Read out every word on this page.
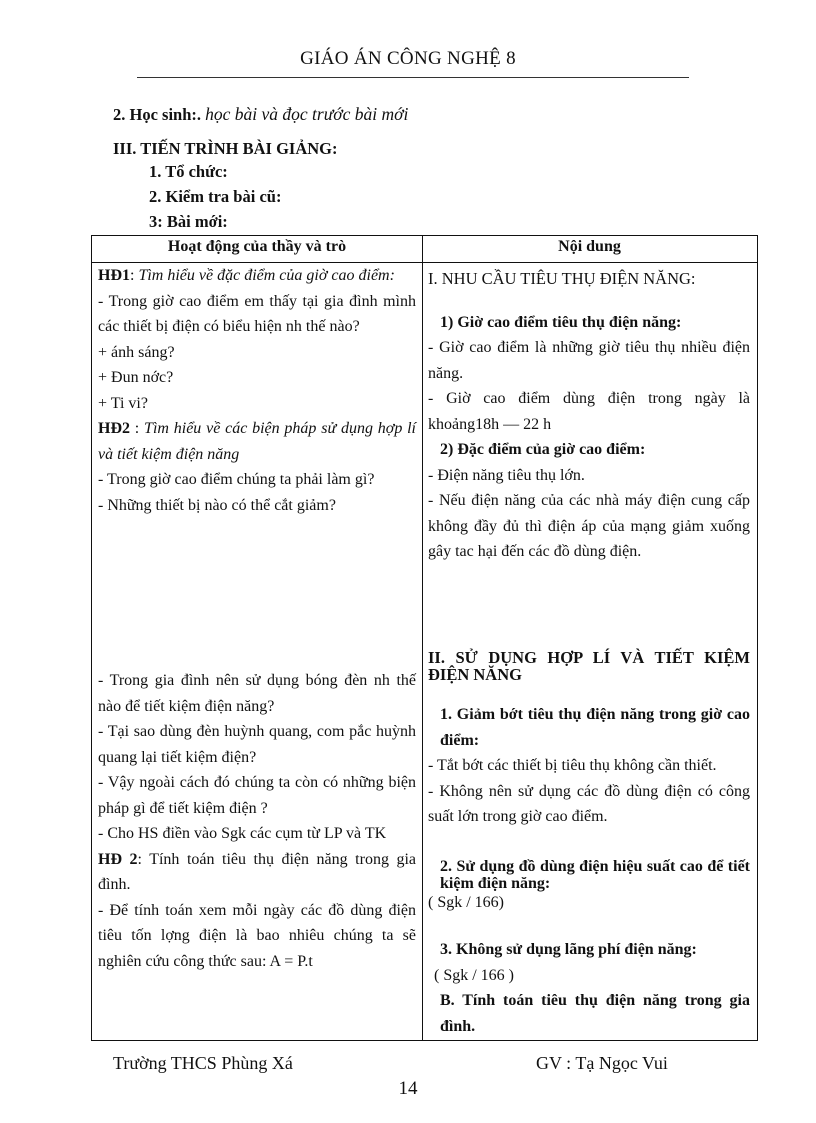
GIÁO ÁN CÔNG NGHỆ 8
2. Học sinh:. học bài và đọc trước bài mới
III. TIẾN TRÌNH BÀI GIẢNG:
1. Tổ chức:
2. Kiểm tra bài cũ:
3: Bài mới:
Hoạt động của thầy và trò	Nội dung

HĐ1: Tìm hiểu về đặc điểm của giờ cao điểm:

- Trong giờ cao điểm em thấy tại gia đình mình các thiết bị điện có biểu hiện nh thế nào?

+ ánh sáng?

+ Đun nớc?

+ Ti vi?

HĐ2 : Tìm hiểu về các biện pháp sử dụng hợp lí và tiết kiệm điện năng

- Trong giờ cao điểm chúng ta phải làm gì?

- Những thiết bị nào có thể cắt giảm?

- Trong gia đình nên sử dụng bóng đèn nh thế nào để tiết kiệm điện năng?

- Tại sao dùng đèn huỳnh quang, com pắc huỳnh quang lại tiết kiệm điện?

- Vậy ngoài cách đó chúng ta còn có những biện pháp gì để tiết kiệm điện ?

- Cho HS điền vào Sgk các cụm từ LP và TK

HĐ 2: Tính toán tiêu thụ điện năng trong gia đình.

- Để tính toán xem mỗi ngày các đồ dùng điện tiêu tốn lợng điện là bao nhiêu chúng ta sẽ nghiên cứu công thức sau: A = P.t

I. NHU CẦU TIÊU THỤ ĐIỆN NĂNG:

1) Giờ cao điểm tiêu thụ điện năng:

- Giờ cao điểm là những giờ tiêu thụ nhiều điện năng.

- Giờ cao điểm dùng điện trong ngày là khoảng18h — 22 h

2) Đặc điểm của giờ cao điểm:

- Điện năng tiêu thụ lớn.

- Nếu điện năng của các nhà máy điện cung cấp không đầy đủ thì điện áp của mạng giảm xuống gây tac hại đến các đồ dùng điện.

II. SỬ DỤNG HỢP LÍ VÀ TIẾT KIỆM ĐIỆN NĂNG

1. Giảm bớt tiêu thụ điện năng trong giờ cao điểm:

- Tắt bớt các thiết bị tiêu thụ không cần thiết.

- Không nên sử dụng các đồ dùng điện có công suất lớn trong giờ cao điểm.

2. Sử dụng đồ dùng điện hiệu suất cao để tiết kiệm điện năng:

( Sgk / 166)

3. Không sử dụng lãng phí điện năng:

( Sgk / 166 )

B. Tính toán tiêu thụ điện năng trong gia đình.

Trường THCS Phùng Xá	GV : Tạ Ngọc Vui
14
